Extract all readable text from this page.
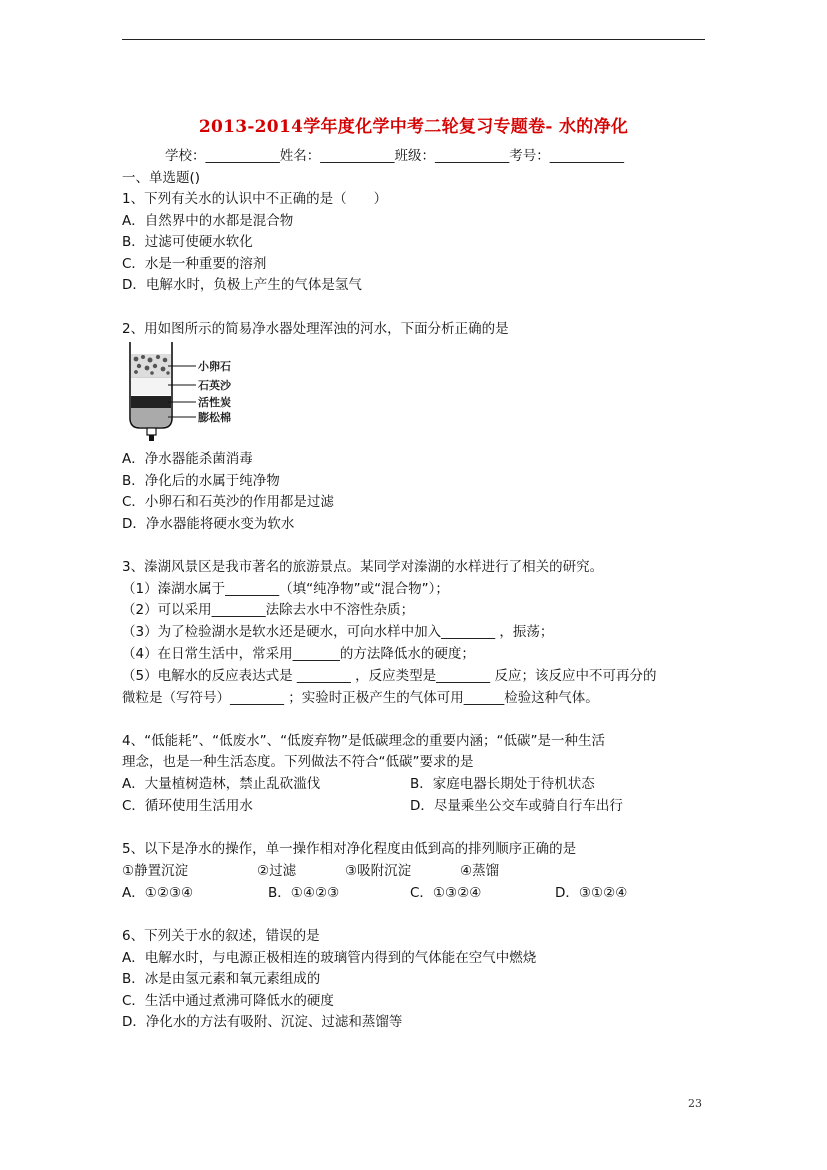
2013-2014学年度化学中考二轮复习专题卷- 水的净化
学校：___________姓名：___________班级：___________考号：___________
一、单选题()
1、下列有关水的认识中不正确的是（　　）
A．自然界中的水都是混合物
B．过滤可使硬水软化
C．水是一种重要的溶剂
D．电解水时，负极上产生的气体是氢气
2、用如图所示的简易净水器处理浑浊的河水，下面分析正确的是
小卵石
石英沙
活性炭
膨松棉
A．净水器能杀菌消毒
B．净化后的水属于纯净物
C．小卵石和石英沙的作用都是过滤
D．净水器能将硬水变为软水
3、溱湖风景区是我市著名的旅游景点。某同学对溱湖的水样进行了相关的研究。
（1）溱湖水属于________（填“纯净物”或“混合物”）；
（2）可以采用________法除去水中不溶性杂质；
（3）为了检验湖水是软水还是硬水，可向水样中加入________ ，振荡；
（4）在日常生活中，常采用_______的方法降低水的硬度；
（5）电解水的反应表达式是 ________ ，反应类型是________ 反应；该反应中不可再分的
微粒是（写符号）________ ；实验时正极产生的气体可用______检验这种气体。
4、“低能耗”、“低废水”、“低废弃物”是低碳理念的重要内涵；“低碳”是一种生活
理念，也是一种生活态度。下列做法不符合“低碳”要求的是
A．大量植树造林，禁止乱砍滥伐	B．家庭电器长期处于待机状态
C．循环使用生活用水	D．尽量乘坐公交车或骑自行车出行
5、以下是净水的操作，单一操作相对净化程度由低到高的排列顺序正确的是
①静置沉淀	②过滤	③吸附沉淀	④蒸馏
A．①②③④	B．①④②③	C．①③②④	D．③①②④
6、下列关于水的叙述，错误的是
A．电解水时，与电源正极相连的玻璃管内得到的气体能在空气中燃烧
B．冰是由氢元素和氧元素组成的
C．生活中通过煮沸可降低水的硬度
D．净化水的方法有吸附、沉淀、过滤和蒸馏等
23
